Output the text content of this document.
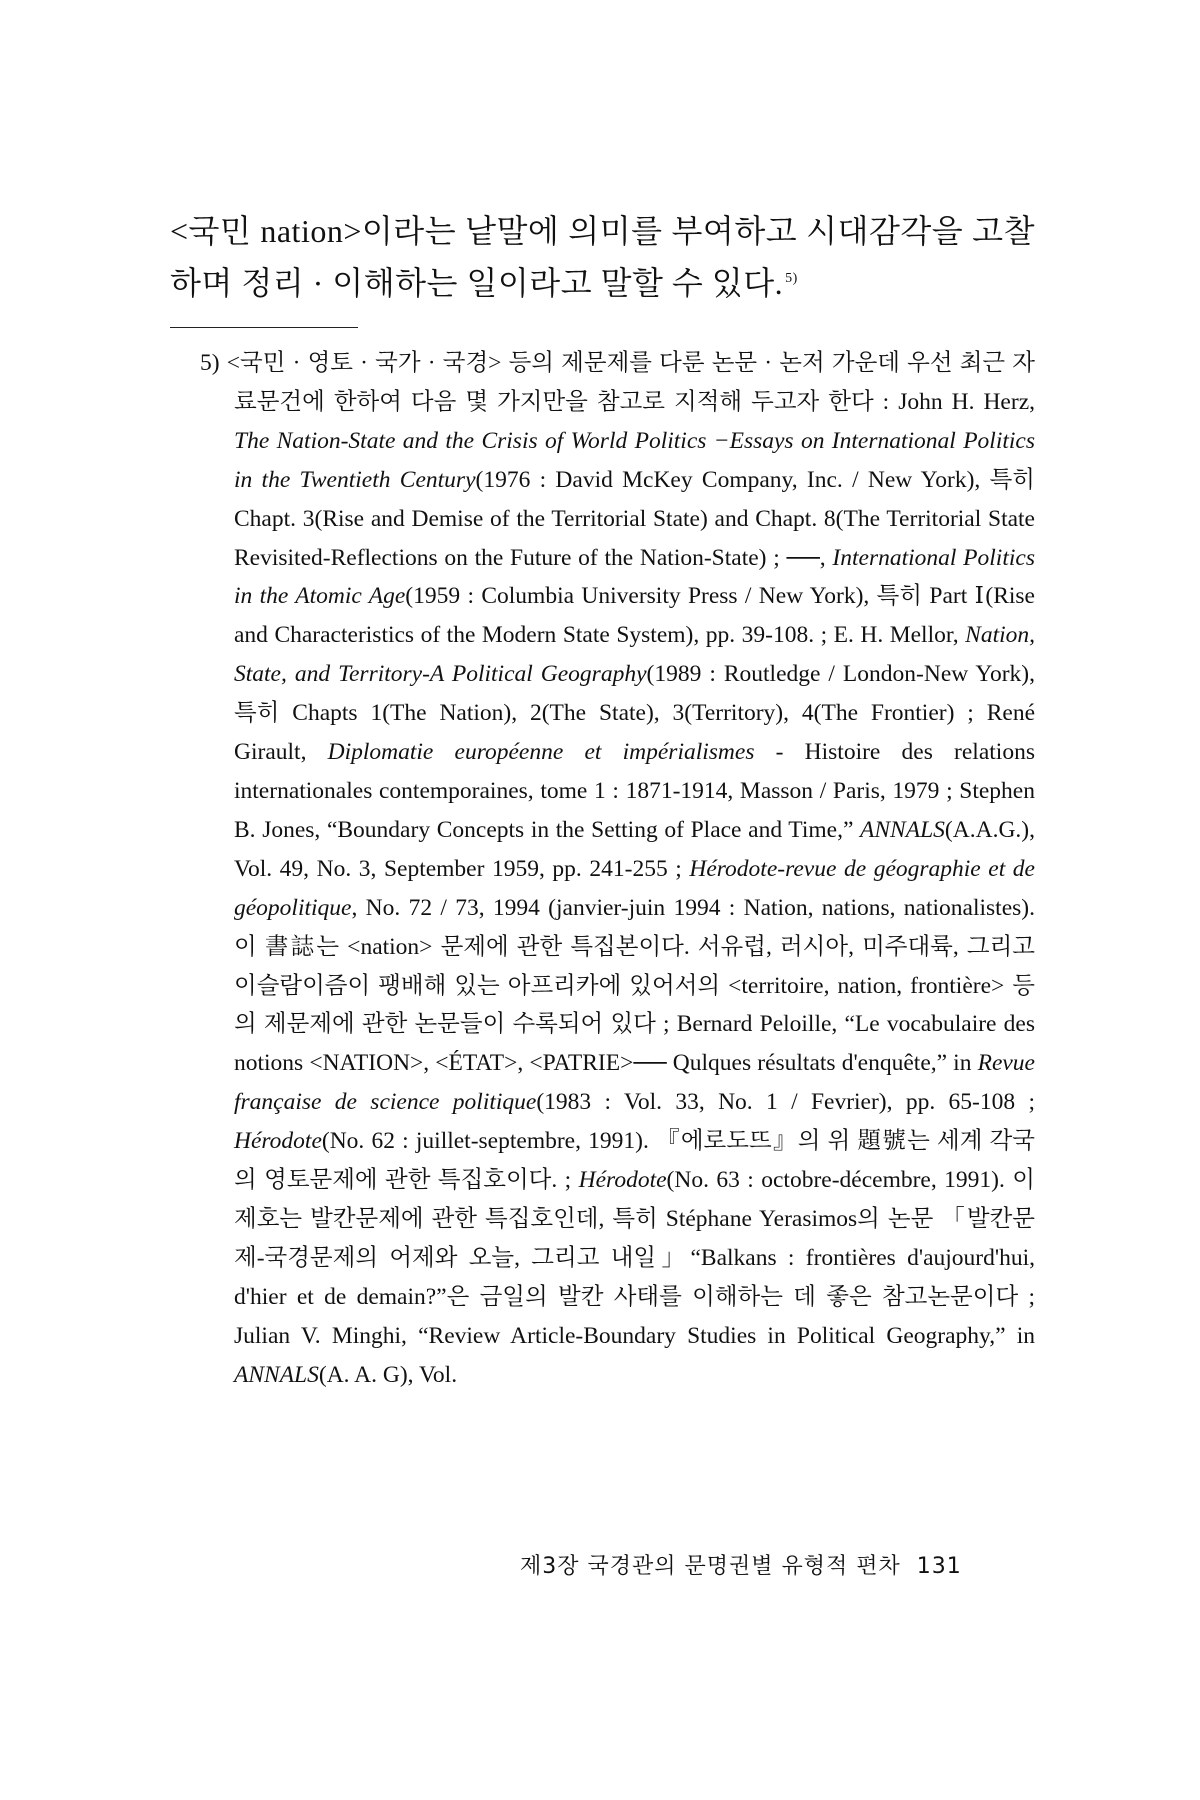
<국민 nation>이라는 낱말에 의미를 부여하고 시대감각을 고찰하며 정리 · 이해하는 일이라고 말할 수 있다. $^{5)}$

5) <국민 · 영토 · 국가 · 국경> 등의 제문제를 다룬 논문 · 논저 가운데 우선 최근 자료문건에 한하여 다음 몇 가지만을 참고로 지적해 두고자 한다 : John H. Herz, The Nation-State and the Crisis of World Politics −Essays on International Politics in the Twentieth Century(1976 : David McKey Company, Inc. / New York), 특히 Chapt. 3(Rise and Demise of the Territorial State) and Chapt. 8(The Territorial State Revisited-Reflections on the Future of the Nation-State) ; ──, International Politics in the Atomic Age(1959 : Columbia University Press / New York), 특히 Part Ⅰ(Rise and Characteristics of the Modern State System), pp. 39-108. ; E. H. Mellor, Nation, State, and Territory-A Political Geography(1989 : Routledge / London-New York), 특히 Chapts 1(The Nation), 2(The State), 3(Territory), 4(The Frontier) ; René Girault, Diplomatie européenne et impérialismes - Histoire des relations internationales contemporaines, tome 1 : 1871-1914, Masson / Paris, 1979 ; Stephen B. Jones, “Boundary Concepts in the Setting of Place and Time,” ANNALS(A.A.G.), Vol. 49, No. 3, September 1959, pp. 241-255 ; Hérodote-revue de géographie et de géopolitique, No. 72 / 73, 1994 (janvier-juin 1994 : Nation, nations, nationalistes). 이 書誌는 <nation> 문제에 관한 특집본이다. 서유럽, 러시아, 미주대륙, 그리고 이슬람이즘이 팽배해 있는 아프리카에 있어서의 <territoire, nation, frontière> 등의 제문제에 관한 논문들이 수록되어 있다 ; Bernard Peloille, “Le vocabulaire des notions <NATION>, <ÉTAT>, <PATRIE>── Qulques résultats d'enquête,” in Revue française de science politique(1983 : Vol. 33, No. 1 / Fevrier), pp. 65-108 ; Hérodote(No. 62 : juillet-septembre, 1991). 『에로도뜨』의 위 題號는 세계 각국의 영토문제에 관한 특집호이다. ; Hérodote(No. 63 : octobre-décembre, 1991). 이 제호는 발칸문제에 관한 특집호인데, 특히 Stéphane Yerasimos의 논문 「발칸문제-국경문제의 어제와 오늘, 그리고 내일」“Balkans : frontières d'aujourd'hui, d'hier et de demain?”은 금일의 발칸 사태를 이해하는 데 좋은 참고논문이다 ; Julian V. Minghi, “Review Article-Boundary Studies in Political Geography,” in ANNALS(A. A. G), Vol.

제3장 국경관의 문명권별 유형적 편차 131
